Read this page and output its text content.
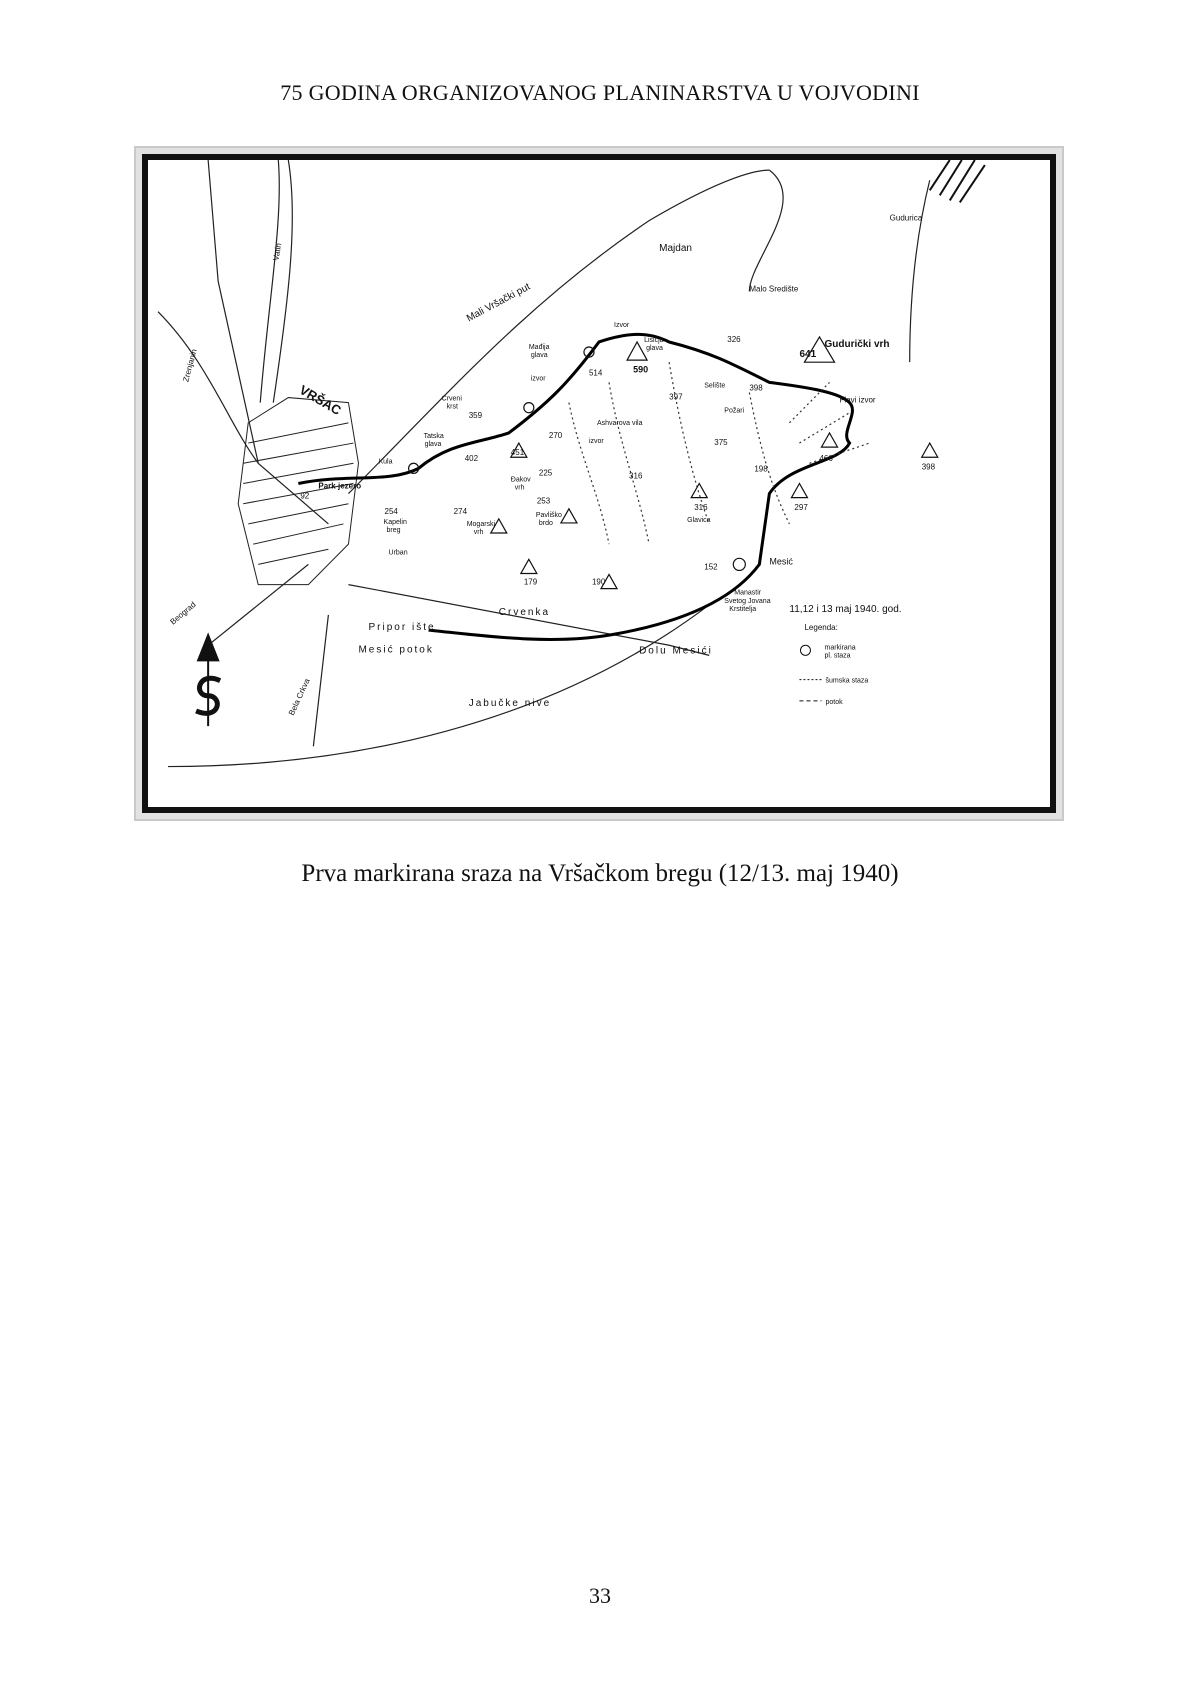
75 GODINA ORGANIZOVANOG PLANINARSTVA U VOJVODINI
VRŠAC
Mali Vršački put
Vatin
Zrenjanin
Beograd
Bela Crkva
Majdan
Gudurica
Malo Središte
Gudurički vrh
Flavi izvor
Crvenka
Pripor ište
Mesić potok	Dolu Mesići
Jabučke nive
Mesić
Manastir
Svetog Jovana
Krstitelja
Park jezero
Kula
Kapelin
breg
Urban
Tatska
glava
Crveni
krst
Mađija
glava
izvor
Izvor
Lisičja
glava
Đakov
vrh
Mogarski
vrh
Pavliško
brdo	Glavica
Požari
Selište
Ashvarova vila
izvor
641
590
514
359
402
326
398
375
466
398
198
297
316
225
270
397
316
253
274
179	190
152
254
92
451
11,12 i 13 maj 1940. god.
Legenda:
markirana
pl. staza
šumska staza
potok
Prva markirana sraza na Vršačkom bregu (12/13. maj 1940)
33
